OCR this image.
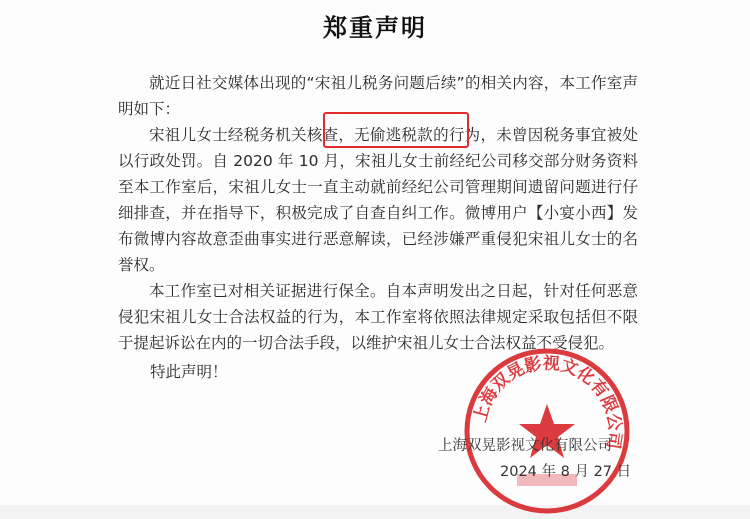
郑重声明

就近日社交媒体出现的“宋祖儿税务问题后续”的相关内容，本工作室声明如下：

宋祖儿女士经税务机关核查，无偷逃税款的行为，未曾因税务事宜被处以行政处罚。自 2020 年 10 月，宋祖儿女士前经纪公司移交部分财务资料至本工作室后，宋祖儿女士一直主动就前经纪公司管理期间遗留问题进行仔细排查，并在指导下，积极完成了自查自纠工作。微博用户【小宴小西】发布微博内容故意歪曲事实进行恶意解读，已经涉嫌严重侵犯宋祖儿女士的名誉权。

本工作室已对相关证据进行保全。自本声明发出之日起，针对任何恶意侵犯宋祖儿女士合法权益的行为，本工作室将依照法律规定采取包括但不限于提起诉讼在内的一切合法手段，以维护宋祖儿女士合法权益不受侵犯。

特此声明！
上海双晃影视文化有限公司
上海双晃影视文化有限公司
2024 年 8 月 27 日
